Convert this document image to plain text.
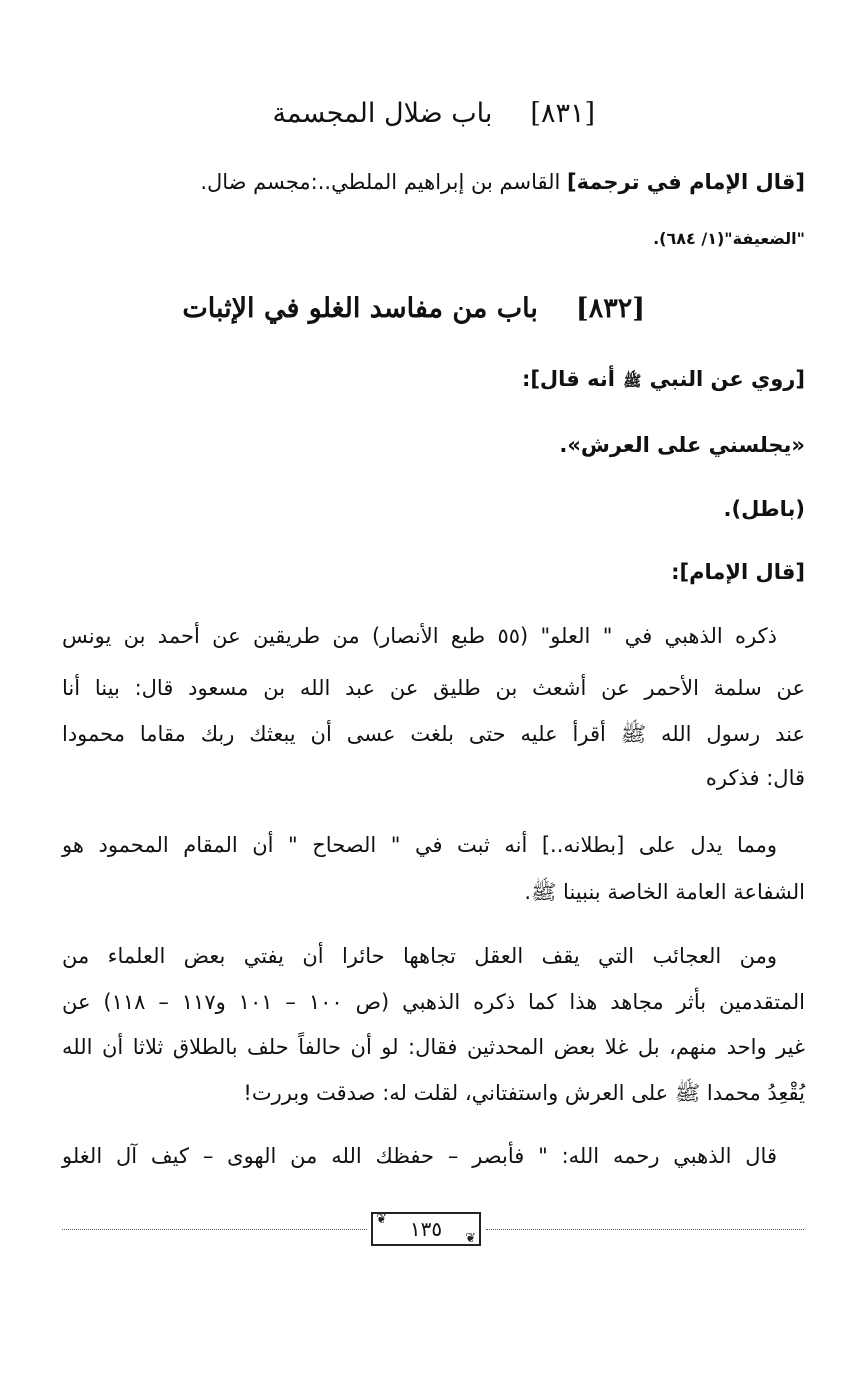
[٨٣١]باب ضلال المجسمة
[قال الإمام في ترجمة] القاسم بن إبراهيم الملطي..:مجسم ضال.
"الضعيفة"(١/ ٦٨٤).
[٨٣٢]باب من مفاسد الغلو في الإثبات
[روي عن النبي ﷺ أنه قال]:
«يجلسني على العرش».
(باطل).
[قال الإمام]:
ذكره الذهبي في " العلو" (٥٥ طبع الأنصار) من طريقين عن أحمد بن يونس
عن سلمة الأحمر عن أشعث بن طليق عن عبد الله بن مسعود قال: بينا أنا
عند رسول الله ﷺ أقرأ عليه حتى بلغت عسى أن يبعثك ربك مقاما محمودا
قال: فذكره
ومما يدل على [بطلانه..] أنه ثبت في " الصحاح " أن المقام المحمود هو
الشفاعة العامة الخاصة بنبينا ﷺ.
ومن العجائب التي يقف العقل تجاهها حائرا أن يفتي بعض العلماء من
المتقدمين بأثر مجاهد هذا كما ذكره الذهبي (ص ١٠٠ – ١٠١ و١١٧ – ١١٨) عن
غير واحد منهم، بل غلا بعض المحدثين فقال: لو أن حالفاً حلف بالطلاق ثلاثا أن الله
يُقْعِدُ محمدا ﷺ على العرش واستفتاني، لقلت له: صدقت وبررت!
قال الذهبي رحمه الله: " فأبصر – حفظك الله من الهوى – كيف آل الغلو
❦ ١٣٥ ❦
